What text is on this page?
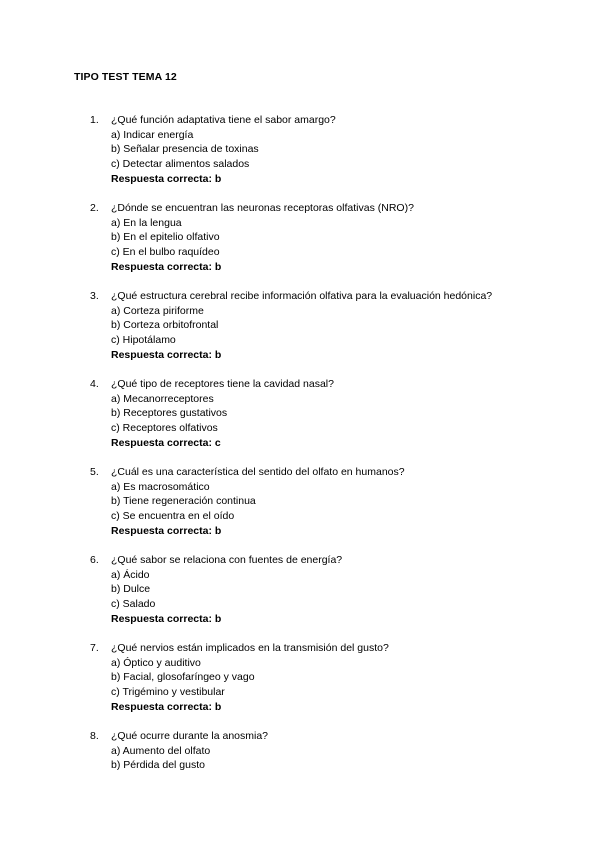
TIPO TEST TEMA 12
1. ¿Qué función adaptativa tiene el sabor amargo?
a) Indicar energía
b) Señalar presencia de toxinas
c) Detectar alimentos salados
Respuesta correcta: b
2. ¿Dónde se encuentran las neuronas receptoras olfativas (NRO)?
a) En la lengua
b) En el epitelio olfativo
c) En el bulbo raquídeo
Respuesta correcta: b
3. ¿Qué estructura cerebral recibe información olfativa para la evaluación hedónica?
a) Corteza piriforme
b) Corteza orbitofrontal
c) Hipotálamo
Respuesta correcta: b
4. ¿Qué tipo de receptores tiene la cavidad nasal?
a) Mecanorreceptores
b) Receptores gustativos
c) Receptores olfativos
Respuesta correcta: c
5. ¿Cuál es una característica del sentido del olfato en humanos?
a) Es macrosomático
b) Tiene regeneración continua
c) Se encuentra en el oído
Respuesta correcta: b
6. ¿Qué sabor se relaciona con fuentes de energía?
a) Ácido
b) Dulce
c) Salado
Respuesta correcta: b
7. ¿Qué nervios están implicados en la transmisión del gusto?
a) Óptico y auditivo
b) Facial, glosofaríngeo y vago
c) Trigémino y vestibular
Respuesta correcta: b
8. ¿Qué ocurre durante la anosmia?
a) Aumento del olfato
b) Pérdida del gusto
